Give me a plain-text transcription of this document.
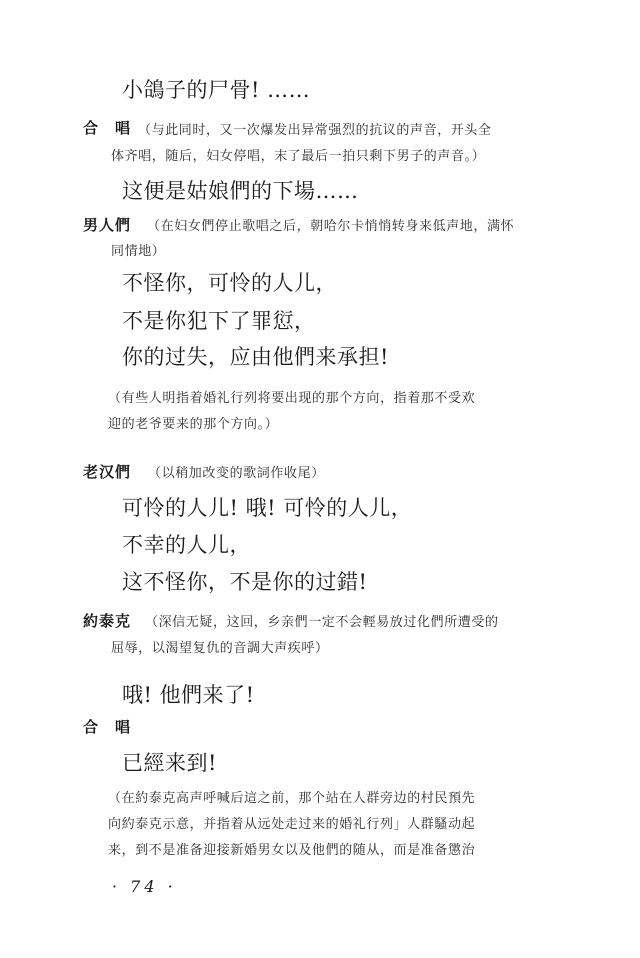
小鴿子的尸骨! ……
合　唱 （与此同时，又一次爆发出异常强烈的抗议的声音，开头全
体齐唱，随后，妇女停唱，末了最后一拍只剩下男子的声音。）
这便是姑娘們的下場……
男人們 （在妇女們停止歌唱之后，朝哈尔卡悄悄转身来低声地，满怀
同情地）
不怪你，可怜的人儿，
不是你犯下了罪愆，
你的过失，应由他們来承担!
（有些人明指着婚礼行列将要出现的那个方向，指着那不受欢
迎的老爷要来的那个方向。）
老汉們 （以稍加改变的歌詞作收尾）
可怜的人儿! 哦! 可怜的人儿，
不幸的人儿，
这不怪你，不是你的过錯!
約泰克 （深信无疑，这回，乡亲們一定不会輕易放过化們所遭受的
屈辱，以渴望复仇的音調大声疾呼）
哦! 他們来了!
合　唱
已經来到!
（在約泰克高声呼喊后這之前，那个站在人群旁边的村民預先
向約泰克示意，并指着从远处走过来的婚礼行列」人群騷动起
来，到不是准备迎接新婚男女以及他們的随从，而是准备懲治
· 74 ·
